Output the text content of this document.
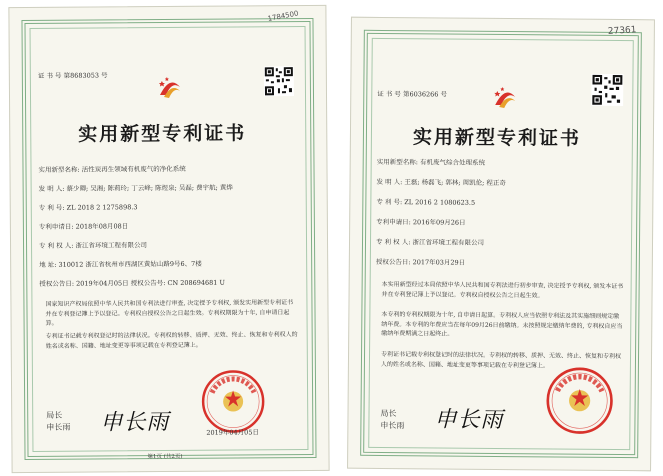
1784500
证 书 号 第8683053 号
实用新型专利证书
实用新型名称: 活性炭再生领域有机废气的净化系统
发 明 人: 蔡少卿; 吴湘; 陈莉玲; 丁云峰; 陈煜泉; 吴磊; 费宇航; 黄烨
专 利 号: ZL 2018 2 1275898.3
专利申请日: 2018年08月08日
专 利 权 人: 浙江省环境工程有限公司
地 址: 310012 浙江省杭州市西湖区黄姑山路9号6、7楼
授权公告日: 2019年04月05日 授权公告号: CN 208694681 U
国家知识产权局依照中华人民共和国专利法进行审查, 决定授予专利权, 颁发实用新型专利证书并在专利登记簿上予以登记。专利权自授权公告之日起生效。专利权期限为十年, 自申请日起算。
专利证书记载专利权登记时的法律状况。专利权的转移、质押、无效、终止、恢复和专利权人的姓名或名称、国籍、地址变更等事项记载在专利登记簿上。
局长
申长雨 申长雨	2019年04月05日
第1页 (共2页)
27361
证 书 号 第6036266 号
实用新型专利证书
实用新型名称: 有机废气综合处理系统
发 明 人: 王磊; 杨磊飞; 郭林; 周凯伦; 程正奇
专 利 号: ZL 2016 2 1080623.5
专利申请日: 2016年09月26日
专 利 权 人: 浙江省环境工程有限公司
授权公告日: 2017年03月29日
本实用新型经过本局依照中华人民共和国专利法进行初步审查, 决定授予专利权, 颁发本证书并在专利登记簿上予以登记。专利权自授权公告之日起生效。
本专利的专利权期限为十年, 自申请日起算。专利权人应当依照专利法及其实施细则规定缴纳年费。本专利的年费应当在每年09月26日前缴纳。未按照规定缴纳年费的, 专利权自应当缴纳年费期满之日起终止。
专利证书记载专利权登记时的法律状况。专利权的转移、质押、无效、终止、恢复和专利权人的姓名或名称、国籍、地址变更等事项记载在专利登记簿上。
局长
申长雨 申长雨
